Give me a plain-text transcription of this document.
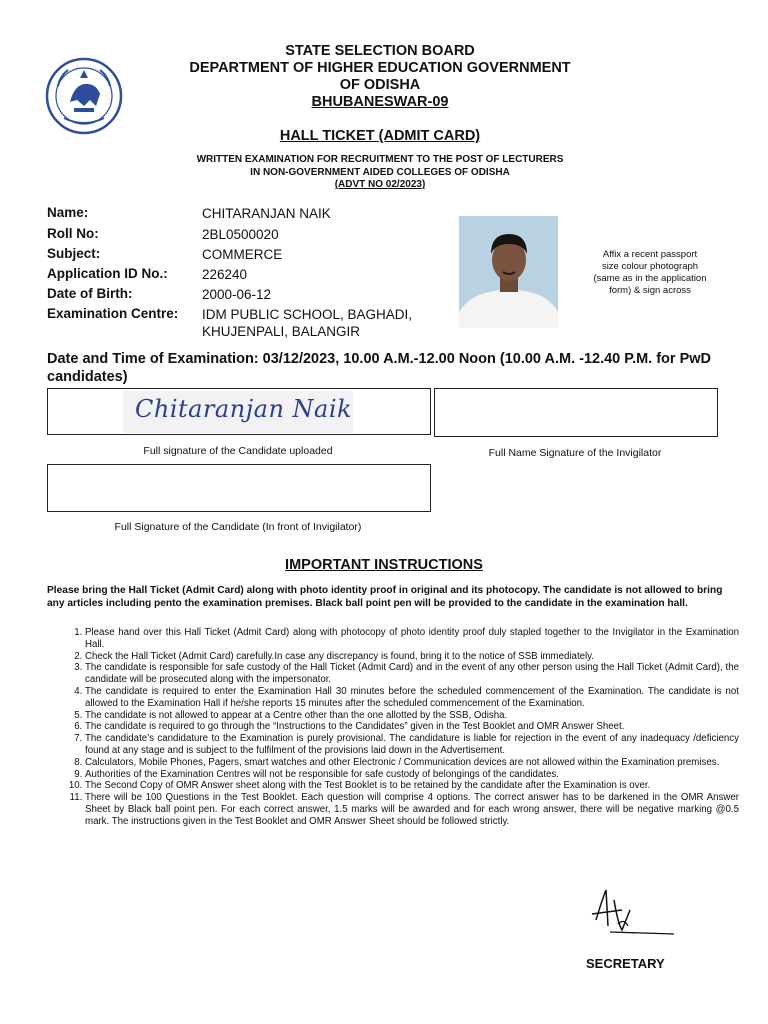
STATE SELECTION BOARD
DEPARTMENT OF HIGHER EDUCATION GOVERNMENT
OF ODISHA
BHUBANESWAR-09
HALL TICKET (ADMIT CARD)
WRITTEN EXAMINATION FOR RECRUITMENT TO THE POST OF LECTURERS
IN NON-GOVERNMENT AIDED COLLEGES OF ODISHA
(ADVT NO 02/2023)
Name:	CHITARANJAN NAIK
Roll No:	2BL0500020
Subject:	COMMERCE
Application ID No.:	226240
Date of Birth:	2000-06-12
Examination Centre: IDM PUBLIC SCHOOL, BAGHADI,
KHUJENPALI, BALANGIR
Affix a recent passport
size colour photograph
(same as in the application
form) & sign across
Date and Time of Examination: 03/12/2023, 10.00 A.M.-12.00 Noon (10.00 A.M. -12.40 P.M. for PwD candidates)
Chitaranjan Naik
Full signature of the Candidate uploaded	Full Name Signature of the Invigilator
Full Signature of the Candidate (In front of Invigilator)
IMPORTANT INSTRUCTIONS
Please bring the Hall Ticket (Admit Card) along with photo identity proof in original and its photocopy. The candidate is not allowed to bring any articles including pento the examination premises. Black ball point pen will be provided to the candidate in the examination hall.
1. Please hand over this Hall Ticket (Admit Card) along with photocopy of photo identity proof duly stapled together to the Invigilator in the Examination Hall.
2. Check the Hall Ticket (Admit Card) carefully.In case any discrepancy is found, bring it to the notice of SSB immediately.
3. The candidate is responsible for safe custody of the Hall Ticket (Admit Card) and in the event of any other person using the Hall Ticket (Admit Card), the candidate will be prosecuted along with the impersonator.
4. The candidate is required to enter the Examination Hall 30 minutes before the scheduled commencement of the Examination. The candidate is not allowed to the Examination Hall if he/she reports 15 minutes after the scheduled commencement of the Examination.
5. The candidate is not allowed to appear at a Centre other than the one allotted by the SSB, Odisha.
6. The candidate is required to go through the “Instructions to the Candidates” given in the Test Booklet and OMR Answer Sheet.
7. The candidate’s candidature to the Examination is purely provisional. The candidature is liable for rejection in the event of any inadequacy /deficiency found at any stage and is subject to the fulfilment of the provisions laid down in the Advertisement.
8. Calculators, Mobile Phones, Pagers, smart watches and other Electronic / Communication devices are not allowed within the Examination premises.
9. Authorities of the Examination Centres will not be responsible for safe custody of belongings of the candidates.
10. The Second Copy of OMR Answer sheet along with the Test Booklet is to be retained by the candidate after the Examination is over.
11. There will be 100 Questions in the Test Booklet. Each question will comprise 4 options. The correct answer has to be darkened in the OMR Answer Sheet by Black ball point pen. For each correct answer, 1.5 marks will be awarded and for each wrong answer, there will be negative marking @0.5 mark. The instructions given in the Test Booklet and OMR Answer Sheet should be followed strictly.
SECRETARY
